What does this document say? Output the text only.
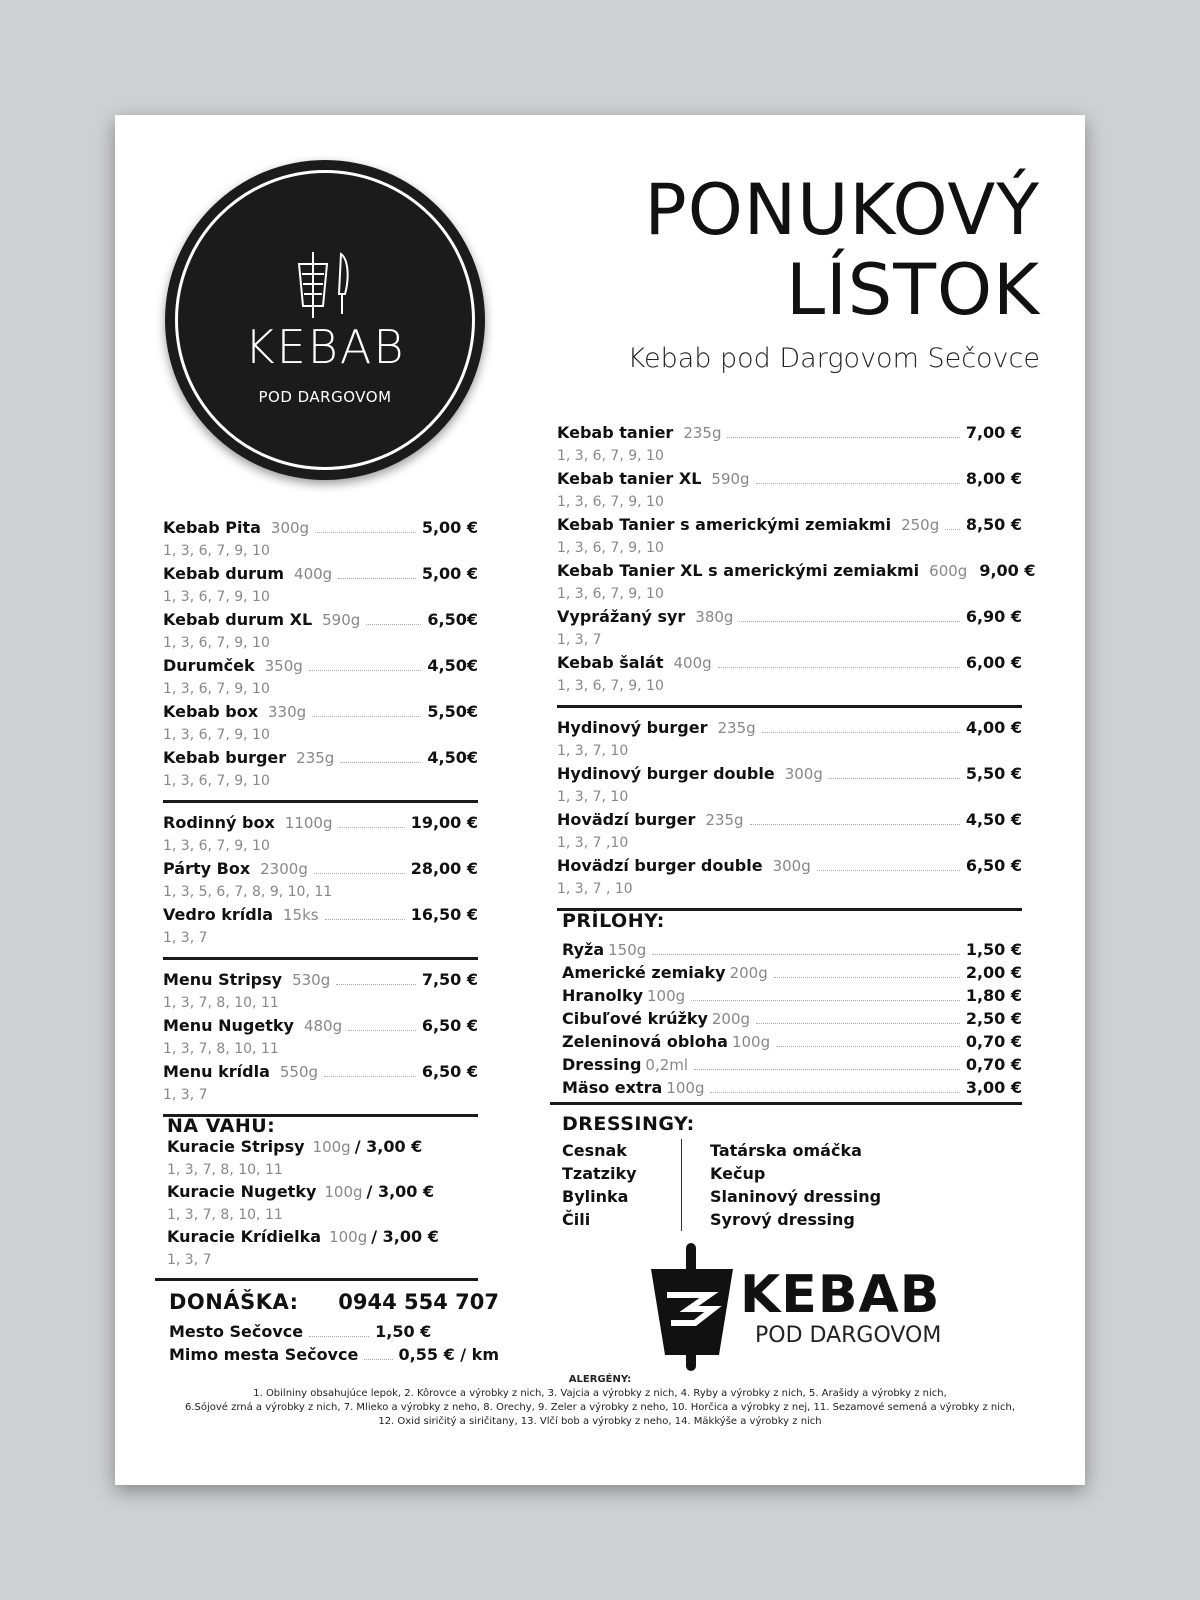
KEBAB
POD DARGOVOM
PONUKOVÝ
LÍSTOK
Kebab pod Dargovom Sečovce
Kebab Pita 300g	5,00 €
1, 3, 6, 7, 9, 10
Kebab durum 400g	5,00 €
1, 3, 6, 7, 9, 10
Kebab durum XL 590g	6,50€
1, 3, 6, 7, 9, 10
Durumček 350g	4,50€
1, 3, 6, 7, 9, 10
Kebab box 330g	5,50€
1, 3, 6, 7, 9, 10
Kebab burger 235g	4,50€
1, 3, 6, 7, 9, 10
Rodinný box 1100g	19,00 €
1, 3, 6, 7, 9, 10
Párty Box 2300g	28,00 €
1, 3, 5, 6, 7, 8, 9, 10, 11
Vedro krídla 15ks	16,50 €
1, 3, 7
Menu Stripsy 530g	7,50 €
1, 3, 7, 8, 10, 11
Menu Nugetky 480g	6,50 €
1, 3, 7, 8, 10, 11
Menu krídla 550g	6,50 €
1, 3, 7
NA VÁHU:
Kuracie Stripsy 100g / 3,00 €
1, 3, 7, 8, 10, 11
Kuracie Nugetky 100g / 3,00 €
1, 3, 7, 8, 10, 11
Kuracie Krídielka 100g / 3,00 €
1, 3, 7
DONÁŠKA: 0944 554 707
Mesto Sečovce	1,50 €
Mimo mesta Sečovce	0,55 € / km
Kebab tanier 235g	7,00 €
1, 3, 6, 7, 9, 10
Kebab tanier XL 590g	8,00 €
1, 3, 6, 7, 9, 10
Kebab Tanier s americkými zemiakmi 250g 8,50 €
1, 3, 6, 7, 9, 10
Kebab Tanier XL s americkými zemiakmi 600g 9,00 €
1, 3, 6, 7, 9, 10
Vyprážaný syr 380g	6,90 €
1, 3, 7
Kebab šalát 400g	6,00 €
1, 3, 6, 7, 9, 10
Hydinový burger 235g	4,00 €
1, 3, 7, 10
Hydinový burger double 300g	5,50 €
1, 3, 7, 10
Hovädzí burger 235g	4,50 €
1, 3, 7 ,10
Hovädzí burger double 300g	6,50 €
1, 3, 7 , 10
PRÍLOHY:
Ryža 150g	1,50 €
Americké zemiaky 200g	2,00 €
Hranolky 100g	1,80 €
Cibuľové krúžky 200g	2,50 €
Zeleninová obloha 100g	0,70 €
Dressing 0,2ml	0,70 €
Mäso extra 100g	3,00 €
DRESSINGY:
Cesnak
Tzatziky
Bylinka
Čili
Tatárska omáčka
Kečup
Slaninový dressing
Syrový dressing
KEBAB
POD DARGOVOM
ALERGÉNY:
1. Obilniny obsahujúce lepok, 2. Kôrovce a výrobky z nich, 3. Vajcia a výrobky z nich, 4. Ryby a výrobky z nich, 5. Arašidy a výrobky z nich,
6.Sójové zrná a výrobky z nich, 7. Mlieko a výrobky z neho, 8. Orechy, 9. Zeler a výrobky z neho, 10. Horčica a výrobky z nej, 11. Sezamové semená a výrobky z nich,
12. Oxid siričitý a siričitany, 13. Vlčí bob a výrobky z neho, 14. Mäkkýše a výrobky z nich
